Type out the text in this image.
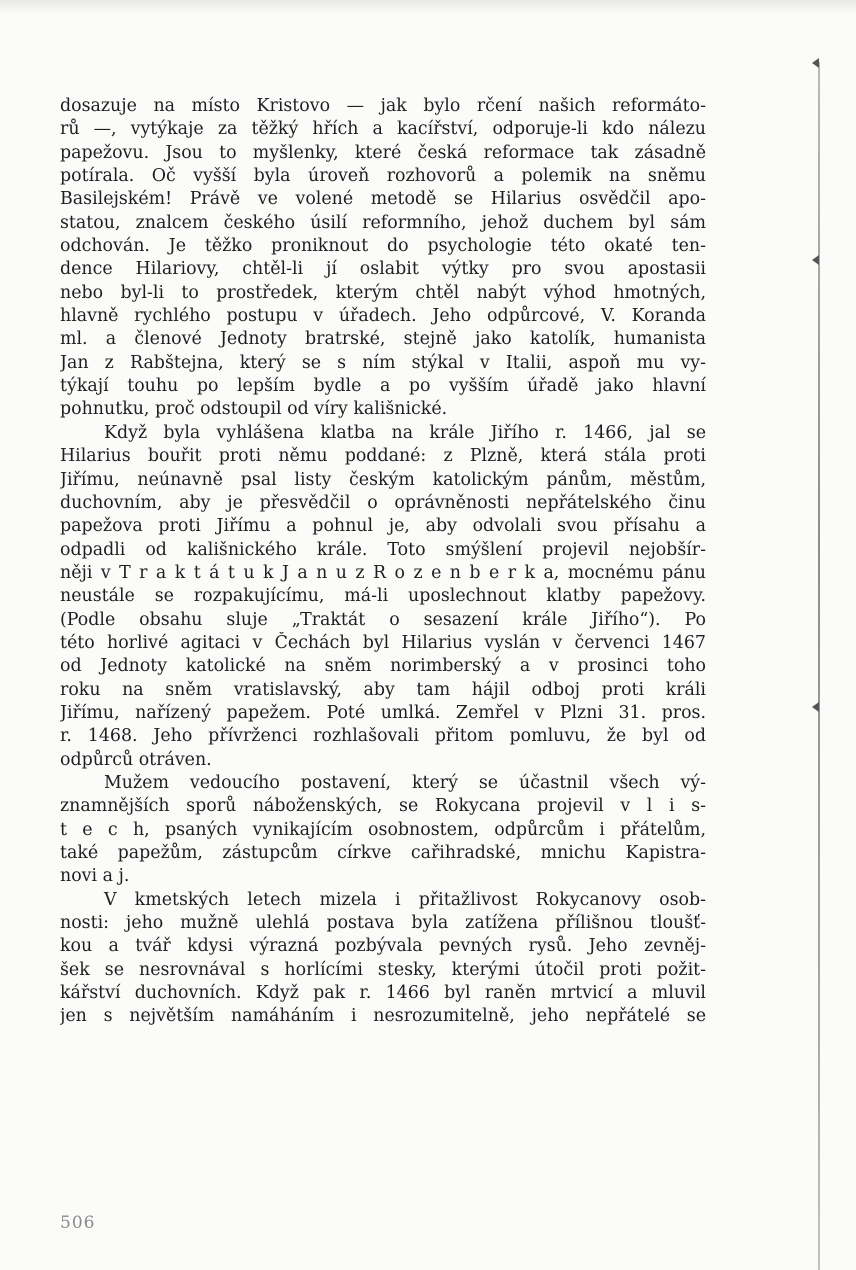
dosazuje na místo Kristovo — jak bylo rčení našich reformáto-
rů —, vytýkaje za těžký hřích a kacířství, odporuje-li kdo nálezu
papežovu. Jsou to myšlenky, které česká reformace tak zásadně
potírala. Oč vyšší byla úroveň rozhovorů a polemik na sněmu
Basilejském! Právě ve volené metodě se Hilarius osvědčil apo-
statou, znalcem českého úsilí reformního, jehož duchem byl sám
odchován. Je těžko proniknout do psychologie této okaté ten-
dence Hilariovy, chtěl-li jí oslabit výtky pro svou apostasii
nebo byl-li to prostředek, kterým chtěl nabýt výhod hmotných,
hlavně rychlého postupu v úřadech. Jeho odpůrcové, V. Koranda
ml. a členové Jednoty bratrské, stejně jako katolík, humanista
Jan z Rabštejna, který se s ním stýkal v Italii, aspoň mu vy-
týkají touhu po lepším bydle a po vyšším úřadě jako hlavní
pohnutku, proč odstoupil od víry kališnické.
Když byla vyhlášena klatba na krále Jiřího r. 1466, jal se
Hilarius bouřit proti němu poddané: z Plzně, která stála proti
Jiřímu, neúnavně psal listy českým katolickým pánům, městům,
duchovním, aby je přesvědčil o oprávněnosti nepřátelského činu
papežova proti Jiřímu a pohnul je, aby odvolali svou přísahu a
odpadli od kališnického krále. Toto smýšlení projevil nejobšír-
něji v T r a k t á t u k J a n u z R o z e n b e r k a, mocnému pánu
neustále se rozpakujícímu, má-li uposlechnout klatby papežovy.
(Podle obsahu sluje „Traktát o sesazení krále Jiřího“). Po
této horlivé agitaci v Čechách byl Hilarius vyslán v červenci 1467
od Jednoty katolické na sněm norimberský a v prosinci toho
roku na sněm vratislavský, aby tam hájil odboj proti králi
Jiřímu, nařízený papežem. Poté umlká. Zemřel v Plzni 31. pros.
r. 1468. Jeho přívrženci rozhlašovali přitom pomluvu, že byl od
odpůrců otráven.
Mužem vedoucího postavení, který se účastnil všech vý-
znamnějších sporů náboženských, se Rokycana projevil v l i s-
t e c h, psaných vynikajícím osobnostem, odpůrcům i přátelům,
také papežům, zástupcům církve cařihradské, mnichu Kapistra-
novi a j.
V kmetských letech mizela i přitažlivost Rokycanovy osob-
nosti: jeho mužně ulehlá postava byla zatížena přílišnou tloušť-
kou a tvář kdysi výrazná pozbývala pevných rysů. Jeho zevněj-
šek se nesrovnával s horlícími stesky, kterými útočil proti požit-
kářství duchovních. Když pak r. 1466 byl raněn mrtvicí a mluvil
jen s největším namáháním i nesrozumitelně, jeho nepřátelé se
506
